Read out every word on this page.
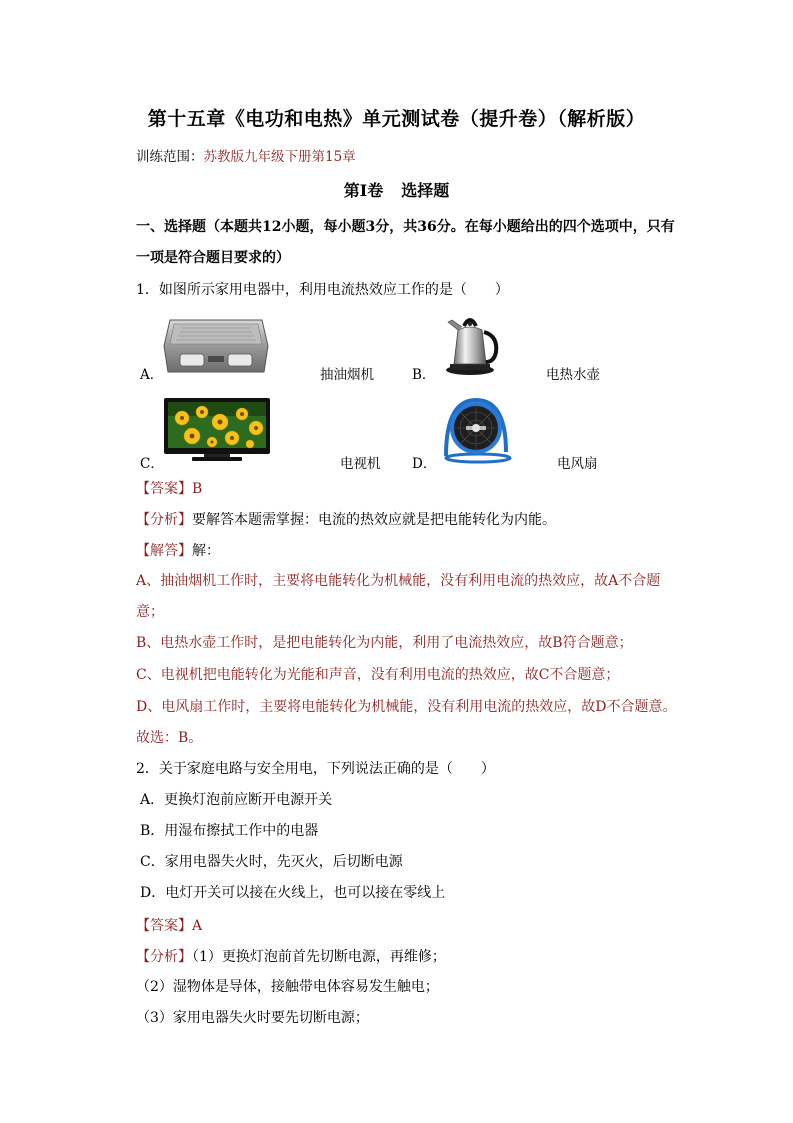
第十五章《电功和电热》单元测试卷（提升卷）（解析版）
训练范围：苏教版九年级下册第15章
第Ⅰ卷 选择题
一、选择题（本题共12小题，每小题3分，共36分。在每小题给出的四个选项中，只有
一项是符合题目要求的）
1．如图所示家用电器中，利用电流热效应工作的是（　　）
A．	抽油烟机	B．	电热水壶
C．	电视机 D．	电风扇
【答案】B
【分析】要解答本题需掌握：电流的热效应就是把电能转化为内能。
【解答】解：
A、抽油烟机工作时，主要将电能转化为机械能，没有利用电流的热效应，故A不合题
意；
B、电热水壶工作时，是把电能转化为内能，利用了电流热效应，故B符合题意；
C、电视机把电能转化为光能和声音，没有利用电流的热效应，故C不合题意；
D、电风扇工作时，主要将电能转化为机械能，没有利用电流的热效应，故D不合题意。
故选：B。
2．关于家庭电路与安全用电，下列说法正确的是（　　）
A．更换灯泡前应断开电源开关
B．用湿布擦拭工作中的电器
C．家用电器失火时，先灭火，后切断电源
D．电灯开关可以接在火线上，也可以接在零线上
【答案】A
【分析】（1）更换灯泡前首先切断电源，再维修；
（2）湿物体是导体，接触带电体容易发生触电；
（3）家用电器失火时要先切断电源；
